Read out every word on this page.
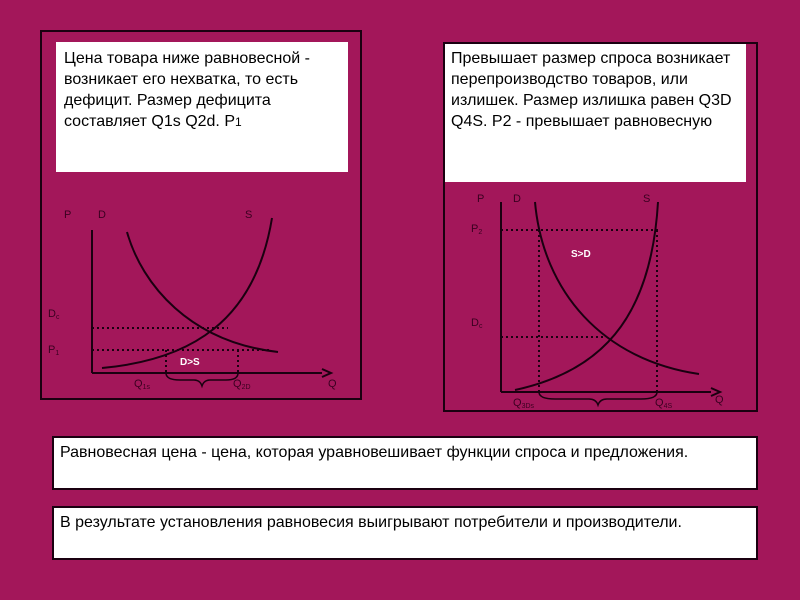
Цена товара ниже равновесной - возникает его нехватка, то есть дефицит. Размер дефицита составляет Q1s Q2d. Р1
P D	S
Q
Dc
P1
Q1s	Q2D
D>S
Превышает размер спроса возникает перепроизводство товаров, или излишек. Размер излишка равен Q3D Q4S. P2 - превышает равновесную
P	D	S
Q
P2
Dc
Q3Ds	Q4S
S>D
Равновесная цена - цена, которая уравновешивает функции спроса и предложения.
В результате установления равновесия выигрывают потребители и производители.
